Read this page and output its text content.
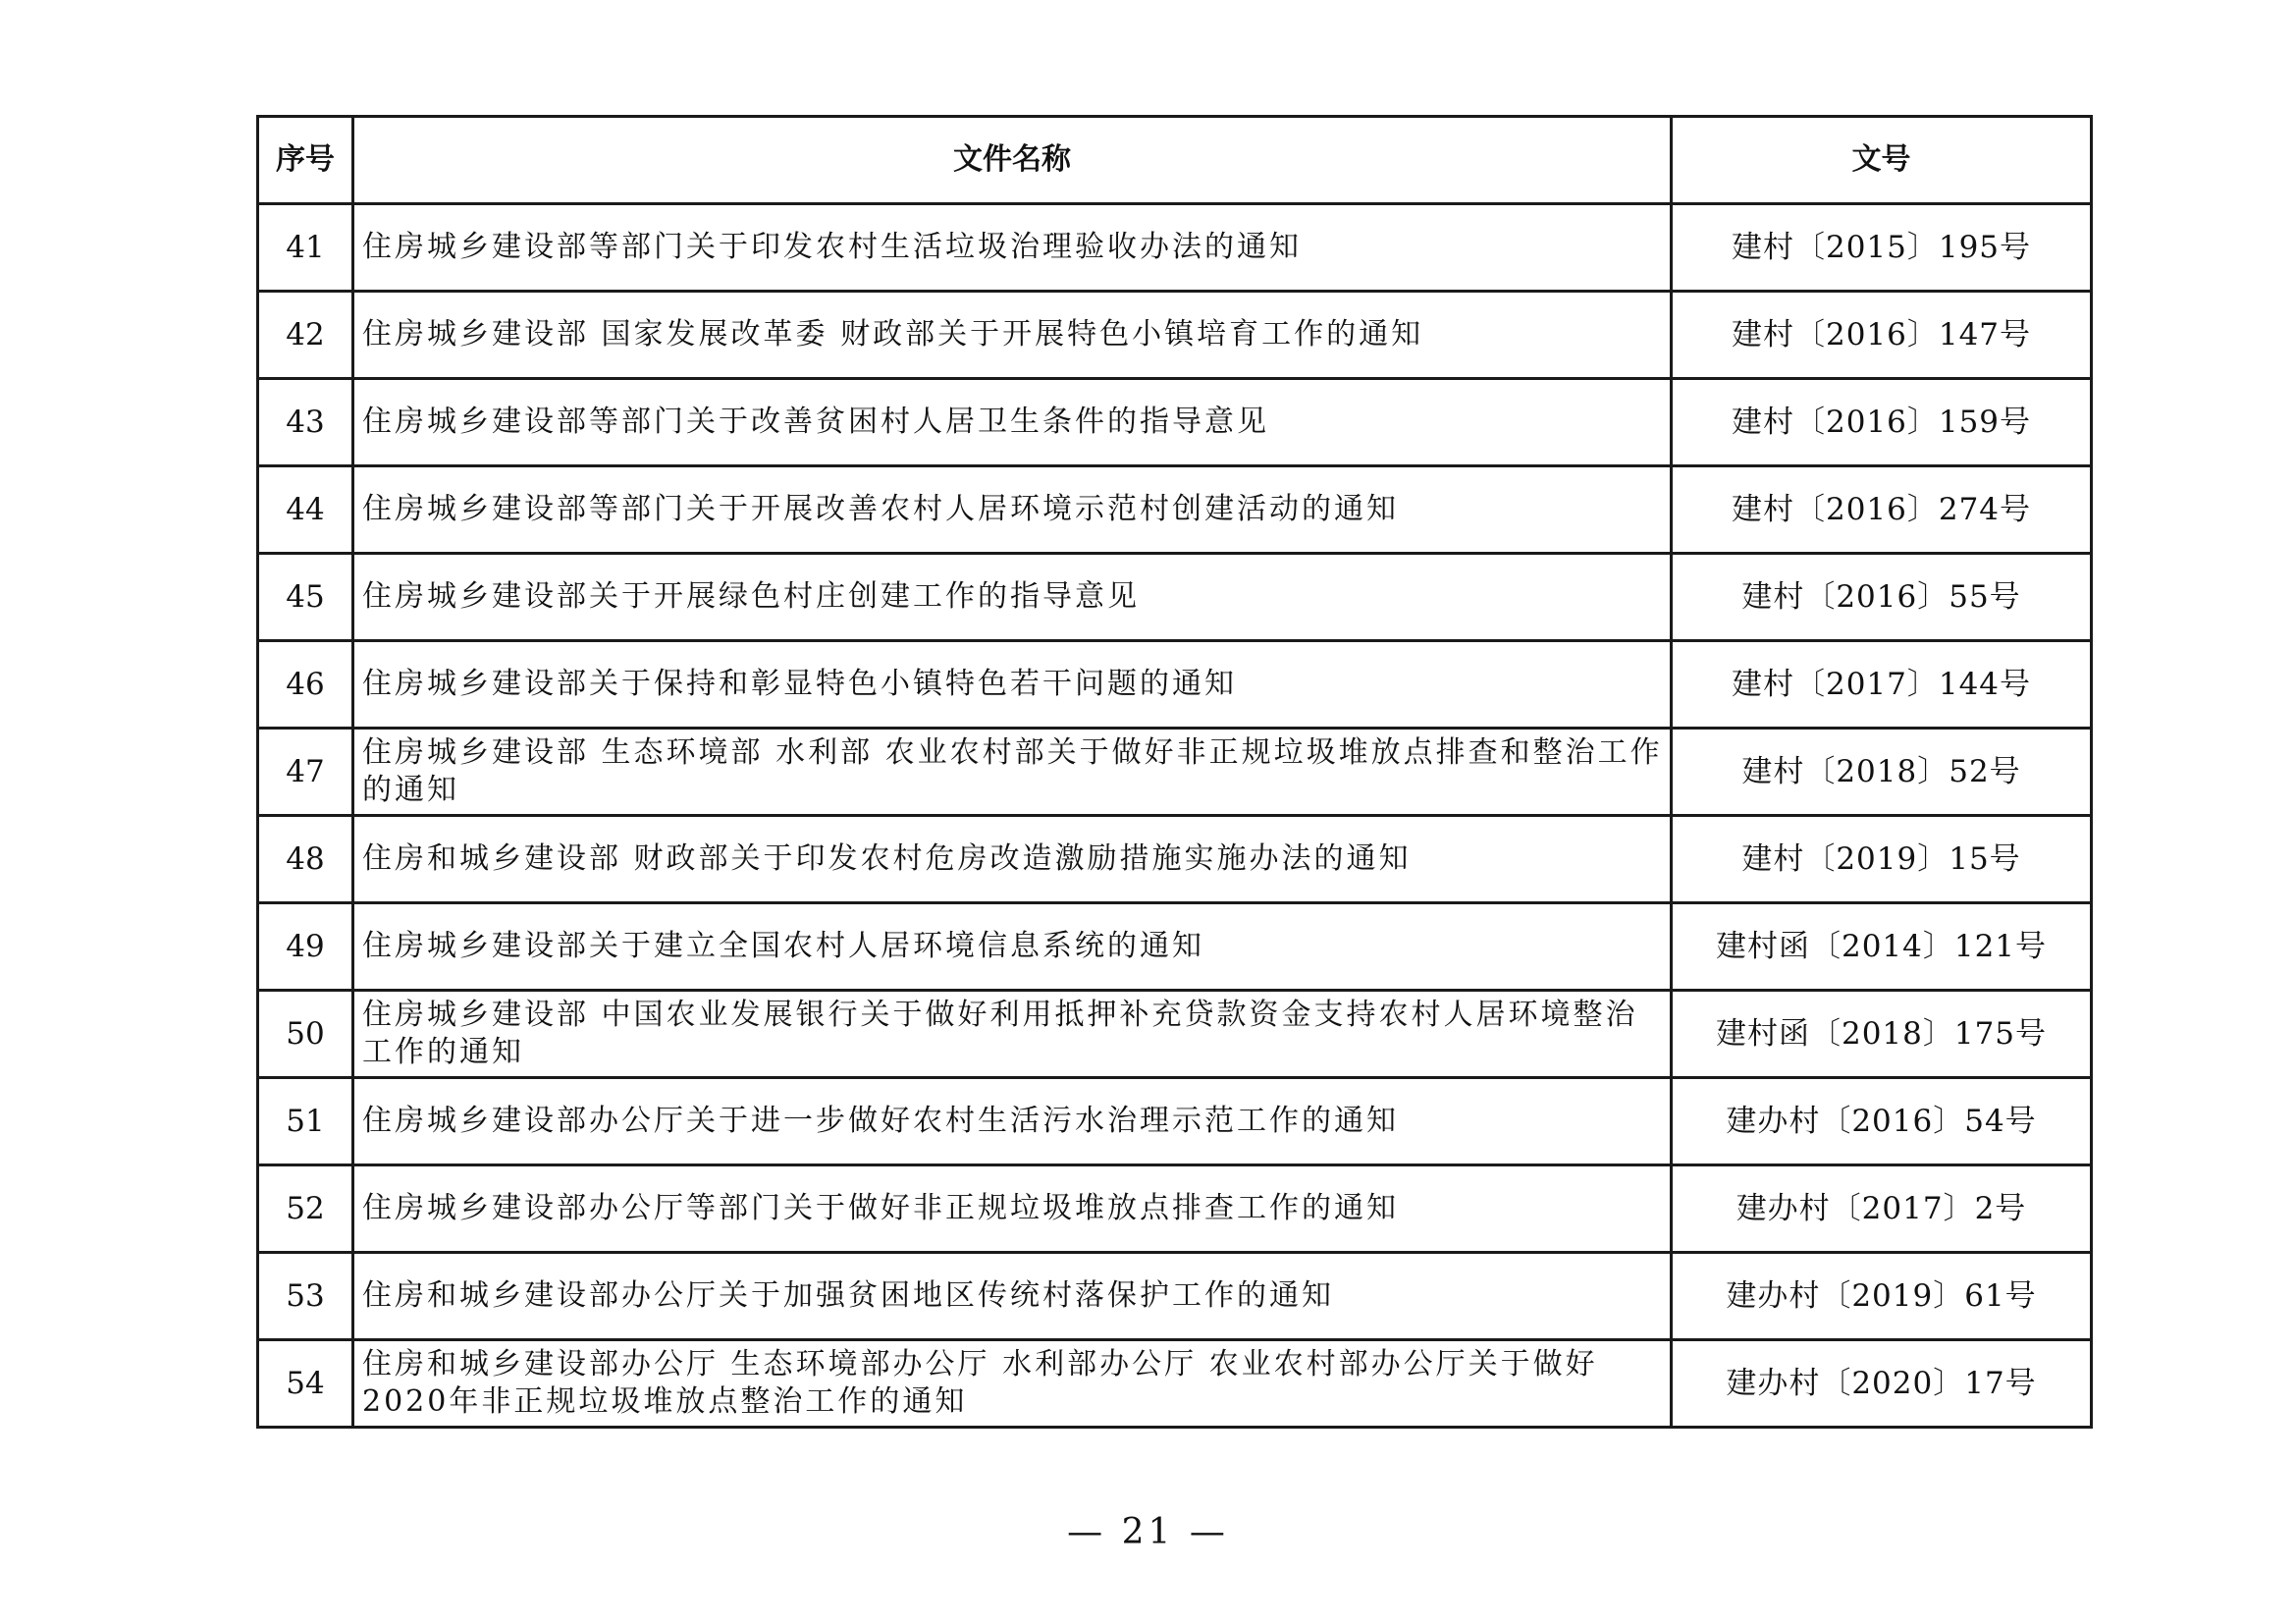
序号	文件名称	文号
41	住房城乡建设部等部门关于印发农村生活垃圾治理验收办法的通知	建村〔2015〕195号
42	住房城乡建设部 国家发展改革委 财政部关于开展特色小镇培育工作的通知	建村〔2016〕147号
43	住房城乡建设部等部门关于改善贫困村人居卫生条件的指导意见	建村〔2016〕159号
44	住房城乡建设部等部门关于开展改善农村人居环境示范村创建活动的通知	建村〔2016〕274号
45	住房城乡建设部关于开展绿色村庄创建工作的指导意见	建村〔2016〕55号
46	住房城乡建设部关于保持和彰显特色小镇特色若干问题的通知	建村〔2017〕144号
47	住房城乡建设部 生态环境部 水利部 农业农村部关于做好非正规垃圾堆放点排查和整治工作的通知	建村〔2018〕52号
48	住房和城乡建设部 财政部关于印发农村危房改造激励措施实施办法的通知	建村〔2019〕15号
49	住房城乡建设部关于建立全国农村人居环境信息系统的通知	建村函〔2014〕121号
50	住房城乡建设部 中国农业发展银行关于做好利用抵押补充贷款资金支持农村人居环境整治工作的通知	建村函〔2018〕175号
51	住房城乡建设部办公厅关于进一步做好农村生活污水治理示范工作的通知	建办村〔2016〕54号
52	住房城乡建设部办公厅等部门关于做好非正规垃圾堆放点排查工作的通知	建办村〔2017〕2号
53	住房和城乡建设部办公厅关于加强贫困地区传统村落保护工作的通知	建办村〔2019〕61号
54	住房和城乡建设部办公厅 生态环境部办公厅 水利部办公厅 农业农村部办公厅关于做好2020年非正规垃圾堆放点整治工作的通知	建办村〔2020〕17号
— 21 —
